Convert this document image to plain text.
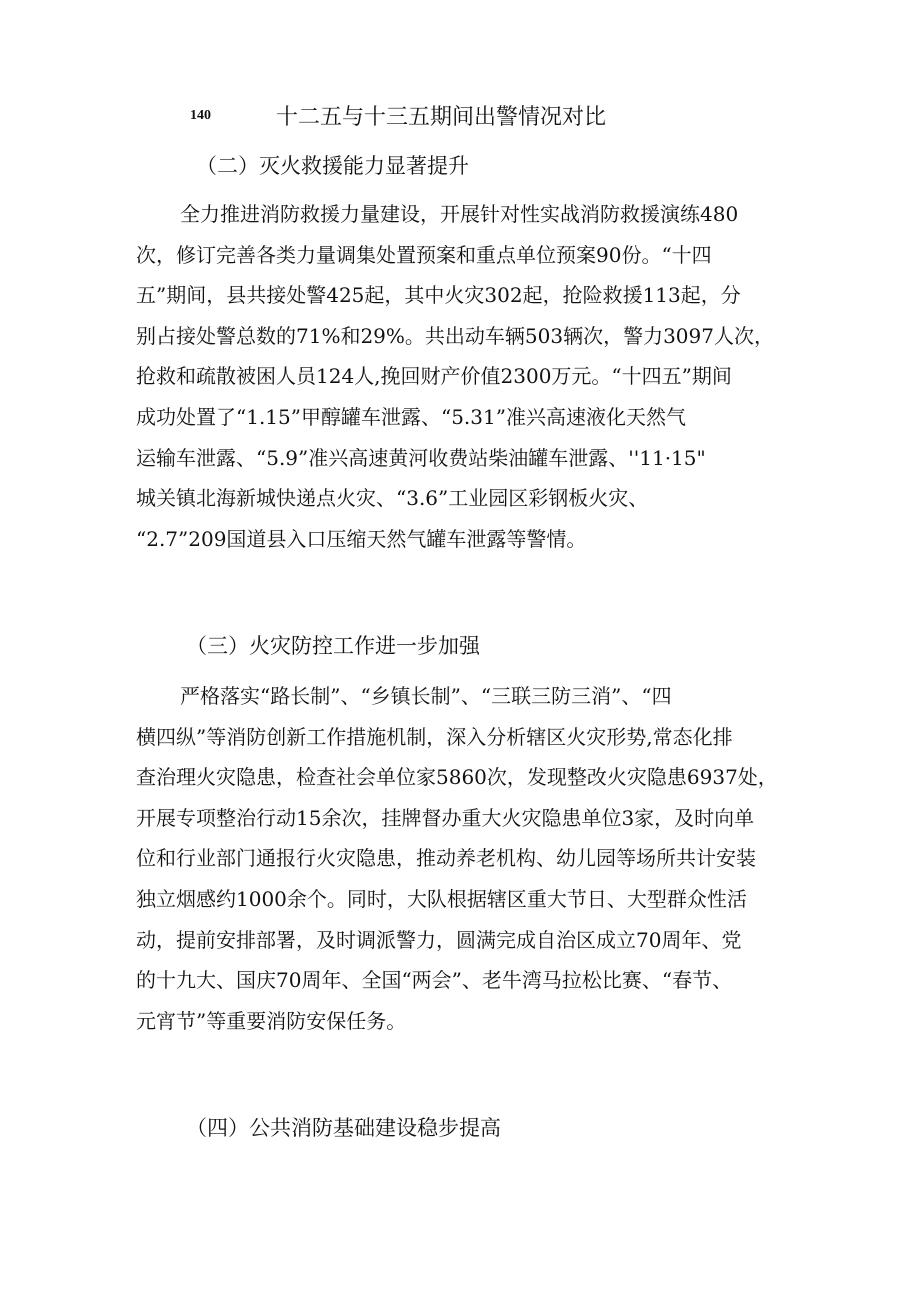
140	十二五与十三五期间出警情况对比
（二）灭火救援能力显著提升
全力推进消防救援力量建设，开展针对性实战消防救援演练480
次，修订完善各类力量调集处置预案和重点单位预案90份。“十四
五”期间，县共接处警425起，其中火灾302起，抢险救援113起，分
别占接处警总数的71%和29%。共出动车辆503辆次，警力3097人次，
抢救和疏散被困人员124人,挽回财产价值2300万元。“十四五”期间
成功处置了“1.15”甲醇罐车泄露、“5.31”准兴高速液化天然气
运输车泄露、“5.9”准兴高速黄河收费站柴油罐车泄露、''11·15"
城关镇北海新城快递点火灾、“3.6”工业园区彩钢板火灾、
“2.7”209国道县入口压缩天然气罐车泄露等警情。
（三）火灾防控工作进一步加强
严格落实“路长制”、“乡镇长制”、“三联三防三消”、“四
横四纵”等消防创新工作措施机制，深入分析辖区火灾形势,常态化排
查治理火灾隐患，检查社会单位家5860次，发现整改火灾隐患6937处，
开展专项整治行动15余次，挂牌督办重大火灾隐患单位3家，及时向单
位和行业部门通报行火灾隐患，推动养老机构、幼儿园等场所共计安装
独立烟感约1000余个。同时，大队根据辖区重大节日、大型群众性活
动，提前安排部署，及时调派警力，圆满完成自治区成立70周年、党
的十九大、国庆70周年、全国“两会”、老牛湾马拉松比赛、“春节、
元宵节”等重要消防安保任务。
（四）公共消防基础建设稳步提高
